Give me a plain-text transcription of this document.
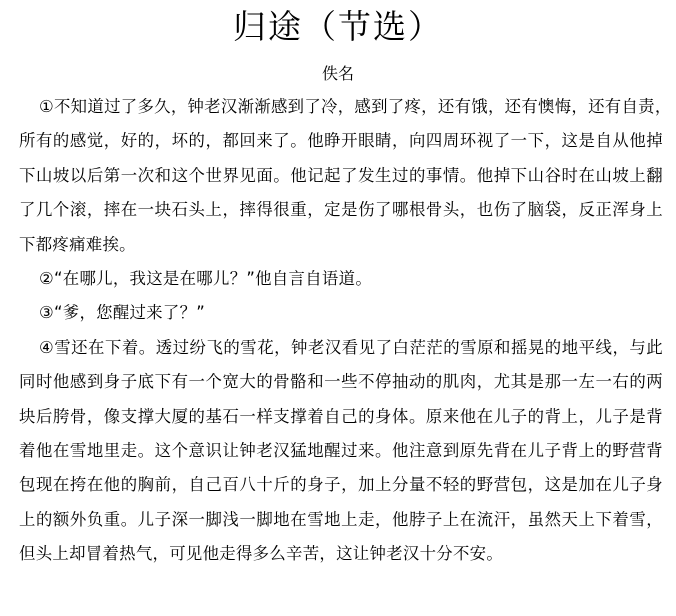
归途（节选）
佚名
①不知道过了多久，钟老汉渐渐感到了冷，感到了疼，还有饿，还有懊悔，还有自责，
所有的感觉，好的，坏的，都回来了。他睁开眼睛，向四周环视了一下，这是自从他掉
下山坡以后第一次和这个世界见面。他记起了发生过的事情。他掉下山谷时在山坡上翻
了几个滚，摔在一块石头上，摔得很重，定是伤了哪根骨头，也伤了脑袋，反正浑身上
下都疼痛难挨。
②“在哪儿，我这是在哪儿？”他自言自语道。
③“爹，您醒过来了？”
④雪还在下着。透过纷飞的雪花，钟老汉看见了白茫茫的雪原和摇晃的地平线，与此
同时他感到身子底下有一个宽大的骨骼和一些不停抽动的肌肉，尤其是那一左一右的两
块后胯骨，像支撑大厦的基石一样支撑着自己的身体。原来他在儿子的背上，儿子是背
着他在雪地里走。这个意识让钟老汉猛地醒过来。他注意到原先背在儿子背上的野营背
包现在挎在他的胸前，自己百八十斤的身子，加上分量不轻的野营包，这是加在儿子身
上的额外负重。儿子深一脚浅一脚地在雪地上走，他脖子上在流汗，虽然天上下着雪，
但头上却冒着热气，可见他走得多么辛苦，这让钟老汉十分不安。
